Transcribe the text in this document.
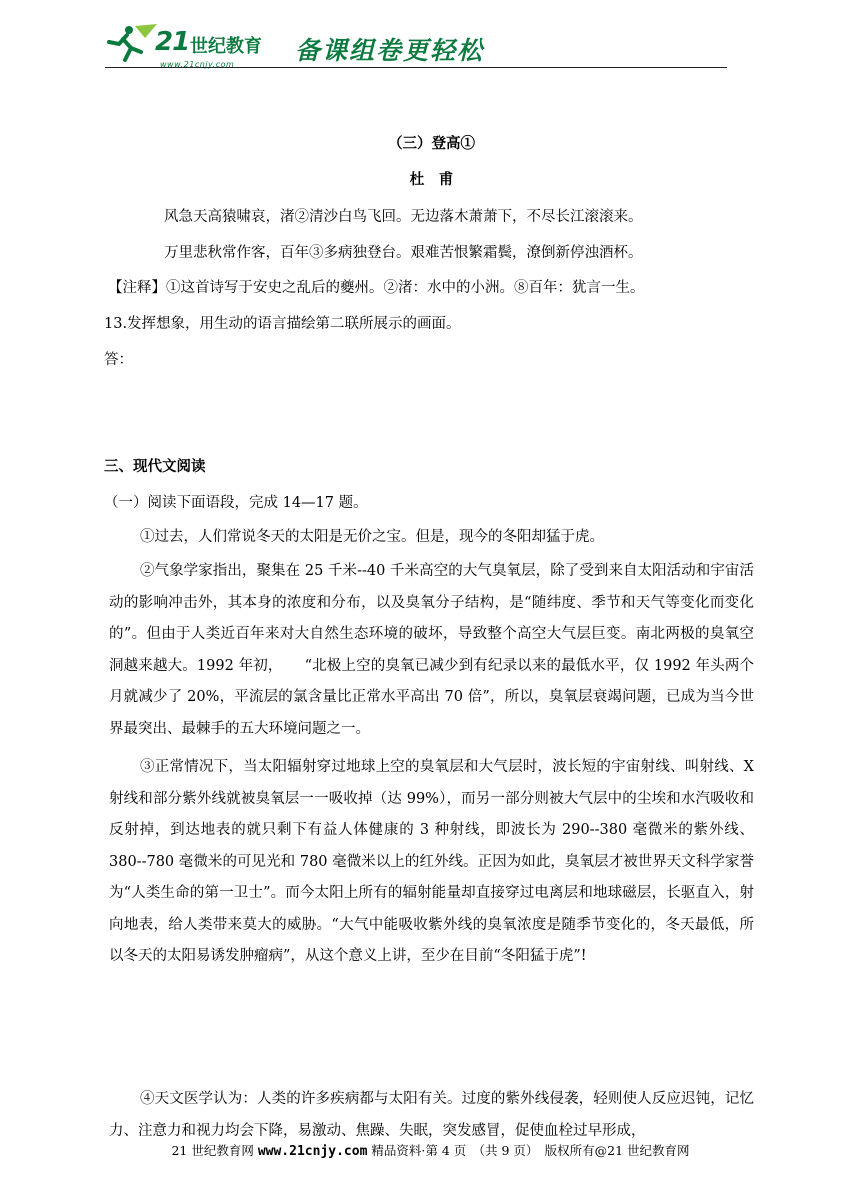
21 世纪教育
www.21cnjy.com 备课组卷更轻松
（三）登高①
杜　甫
风急天高猿啸哀，渚②清沙白鸟飞回。无边落木萧萧下，不尽长江滚滚来。
万里悲秋常作客，百年③多病独登台。艰难苦恨繁霜鬓，潦倒新停浊酒杯。
【注释】①这首诗写于安史之乱后的夔州。②渚：水中的小洲。⑧百年：犹言一生。
13.发挥想象，用生动的语言描绘第二联所展示的画面。
答：
三、现代文阅读
（一）阅读下面语段，完成 14—17 题。
①过去，人们常说冬天的太阳是无价之宝。但是，现今的冬阳却猛于虎。
②气象学家指出，聚集在 25 千米--40 千米高空的大气臭氧层，除了受到来自太阳活动和宇宙活动的影响冲击外，其本身的浓度和分布，以及臭氧分子结构，是“随纬度、季节和天气等变化而变化的”。但由于人类近百年来对大自然生态环境的破坏，导致整个高空大气层巨变。南北两极的臭氧空洞越来越大。1992 年初，　　“北极上空的臭氧已减少到有纪录以来的最低水平，仅 1992 年头两个月就减少了 20%，平流层的氯含量比正常水平高出 70 倍”，所以，臭氧层衰竭问题，已成为当今世界最突出、最棘手的五大环境问题之一。
③正常情况下，当太阳辐射穿过地球上空的臭氧层和大气层时，波长短的宇宙射线、叫射线、X 射线和部分紫外线就被臭氧层一一吸收掉（达 99%），而另一部分则被大气层中的尘埃和水汽吸收和反射掉，到达地表的就只剩下有益人体健康的 3 种射线，即波长为 290--380 毫微米的紫外线、380--780 毫微米的可见光和 780 毫微米以上的红外线。正因为如此，臭氧层才被世界天文科学家誉为“人类生命的第一卫士”。而今太阳上所有的辐射能量却直接穿过电离层和地球磁层，长驱直入，射向地表，给人类带来莫大的威胁。“大气中能吸收紫外线的臭氧浓度是随季节变化的，冬天最低，所以冬天的太阳易诱发肿瘤病”，从这个意义上讲，至少在目前“冬阳猛于虎”!
④天文医学认为：人类的许多疾病都与太阳有关。过度的紫外线侵袭，轻则使人反应迟钝，记忆力、注意力和视力均会下降，易激动、焦躁、失眠，突发感冒，促使血栓过早形成，
21 世纪教育网 www.21cnjy.com 精品资料·第 4 页　（共 9 页）　版权所有@21 世纪教育网
